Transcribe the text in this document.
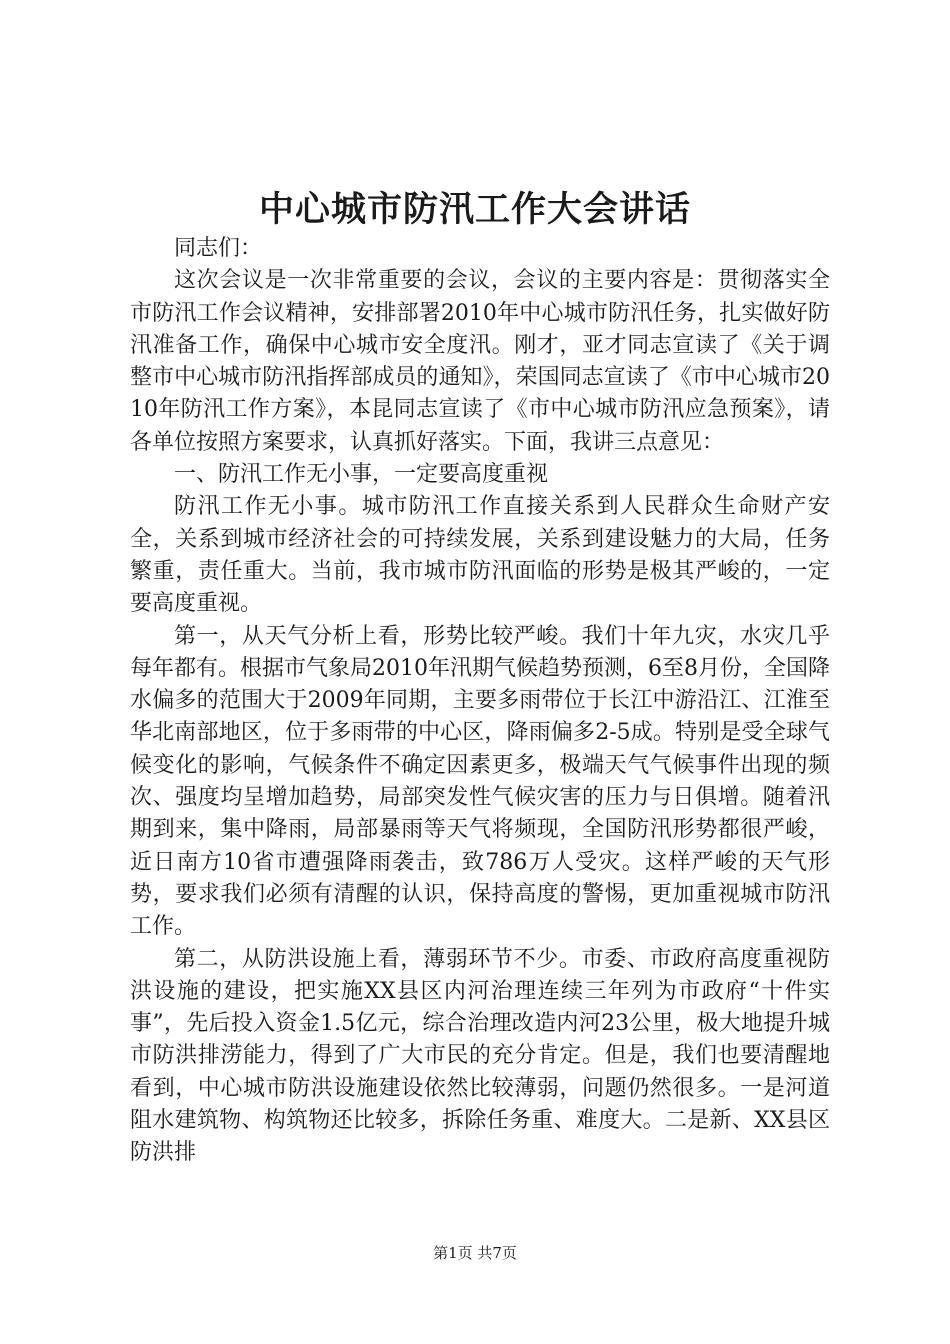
中心城市防汛工作大会讲话

同志们：

这次会议是一次非常重要的会议，会议的主要内容是：贯彻落实全市防汛工作会议精神，安排部署2010年中心城市防汛任务，扎实做好防汛准备工作，确保中心城市安全度汛。刚才，亚才同志宣读了《关于调整市中心城市防汛指挥部成员的通知》，荣国同志宣读了《市中心城市2010年防汛工作方案》，本昆同志宣读了《市中心城市防汛应急预案》，请各单位按照方案要求，认真抓好落实。下面，我讲三点意见：

一、防汛工作无小事，一定要高度重视

防汛工作无小事。城市防汛工作直接关系到人民群众生命财产安全，关系到城市经济社会的可持续发展，关系到建设魅力的大局，任务繁重，责任重大。当前，我市城市防汛面临的形势是极其严峻的，一定要高度重视。

第一，从天气分析上看，形势比较严峻。我们十年九灾，水灾几乎每年都有。根据市气象局2010年汛期气候趋势预测，6至8月份，全国降水偏多的范围大于2009年同期，主要多雨带位于长江中游沿江、江淮至华北南部地区，位于多雨带的中心区，降雨偏多2-5成。特别是受全球气候变化的影响，气候条件不确定因素更多，极端天气气候事件出现的频次、强度均呈增加趋势，局部突发性气候灾害的压力与日俱增。随着汛期到来，集中降雨，局部暴雨等天气将频现，全国防汛形势都很严峻，近日南方10省市遭强降雨袭击，致786万人受灾。这样严峻的天气形势，要求我们必须有清醒的认识，保持高度的警惕，更加重视城市防汛工作。

第二，从防洪设施上看，薄弱环节不少。市委、市政府高度重视防洪设施的建设，把实施XX县区内河治理连续三年列为市政府“十件实事”，先后投入资金1.5亿元，综合治理改造内河23公里，极大地提升城市防洪排涝能力，得到了广大市民的充分肯定。但是，我们也要清醒地看到，中心城市防洪设施建设依然比较薄弱，问题仍然很多。一是河道阻水建筑物、构筑物还比较多，拆除任务重、难度大。二是新、XX县区防洪排

第1页 共7页
